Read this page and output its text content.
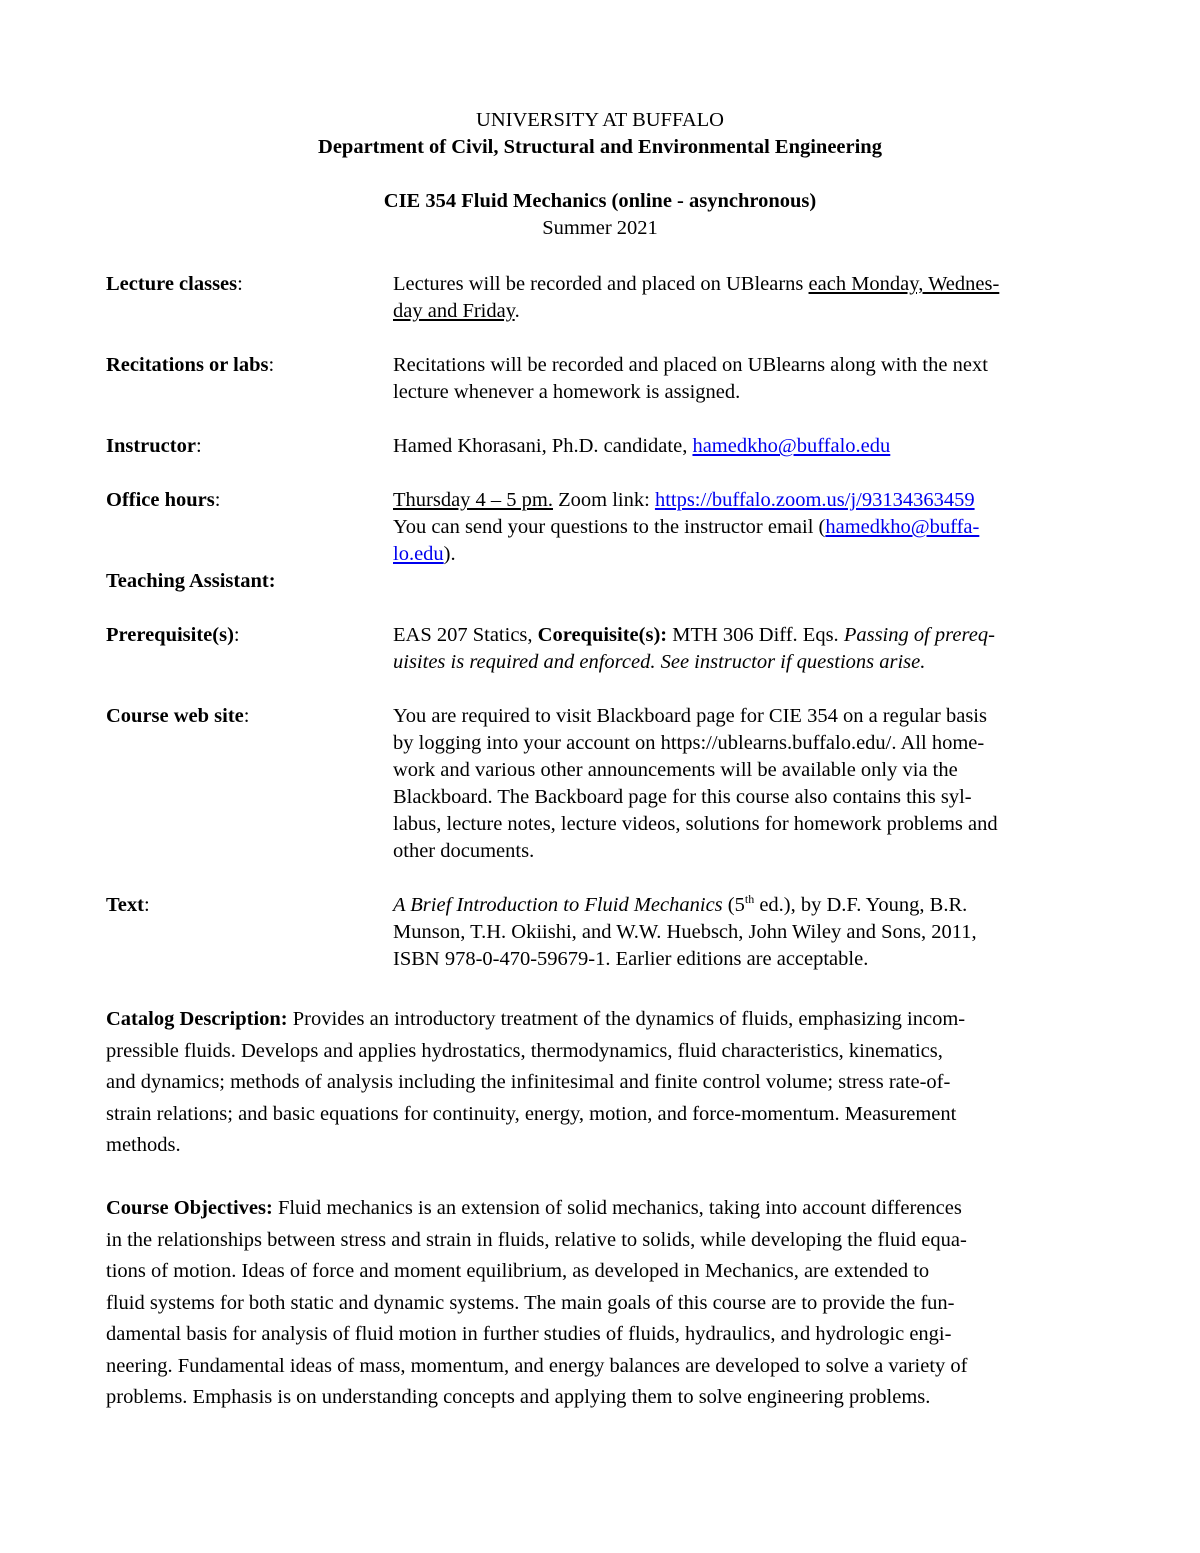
UNIVERSITY AT BUFFALO
Department of Civil, Structural and Environmental Engineering
CIE 354 Fluid Mechanics (online - asynchronous)
Summer 2021
Lecture classes:	Lectures will be recorded and placed on UBlearns each Monday, Wednes-
day and Friday.
Recitations or labs:	Recitations will be recorded and placed on UBlearns along with the next
lecture whenever a homework is assigned.
Instructor:	Hamed Khorasani, Ph.D. candidate, hamedkho@buffalo.edu
Office hours:	Thursday 4 – 5 pm. Zoom link: https://buffalo.zoom.us/j/93134363459
You can send your questions to the instructor email (hamedkho@buffa-
lo.edu).
Teaching Assistant:
Prerequisite(s):	EAS 207 Statics, Corequisite(s): MTH 306 Diff. Eqs. Passing of prereq-
uisites is required and enforced. See instructor if questions arise.
Course web site:	You are required to visit Blackboard page for CIE 354 on a regular basis
by logging into your account on https://ublearns.buffalo.edu/. All home-
work and various other announcements will be available only via the
Blackboard. The Backboard page for this course also contains this syl-
labus, lecture notes, lecture videos, solutions for homework problems and
other documents.
Text:	A Brief Introduction to Fluid Mechanics (5th ed.), by D.F. Young, B.R.
Munson, T.H. Okiishi, and W.W. Huebsch, John Wiley and Sons, 2011,
ISBN 978-0-470-59679-1. Earlier editions are acceptable.
Catalog Description: Provides an introductory treatment of the dynamics of fluids, emphasizing incom-
pressible fluids. Develops and applies hydrostatics, thermodynamics, fluid characteristics, kinematics,
and dynamics; methods of analysis including the infinitesimal and finite control volume; stress rate-of-
strain relations; and basic equations for continuity, energy, motion, and force-momentum. Measurement
methods.
Course Objectives: Fluid mechanics is an extension of solid mechanics, taking into account differences
in the relationships between stress and strain in fluids, relative to solids, while developing the fluid equa-
tions of motion. Ideas of force and moment equilibrium, as developed in Mechanics, are extended to
fluid systems for both static and dynamic systems. The main goals of this course are to provide the fun-
damental basis for analysis of fluid motion in further studies of fluids, hydraulics, and hydrologic engi-
neering. Fundamental ideas of mass, momentum, and energy balances are developed to solve a variety of
problems. Emphasis is on understanding concepts and applying them to solve engineering problems.
